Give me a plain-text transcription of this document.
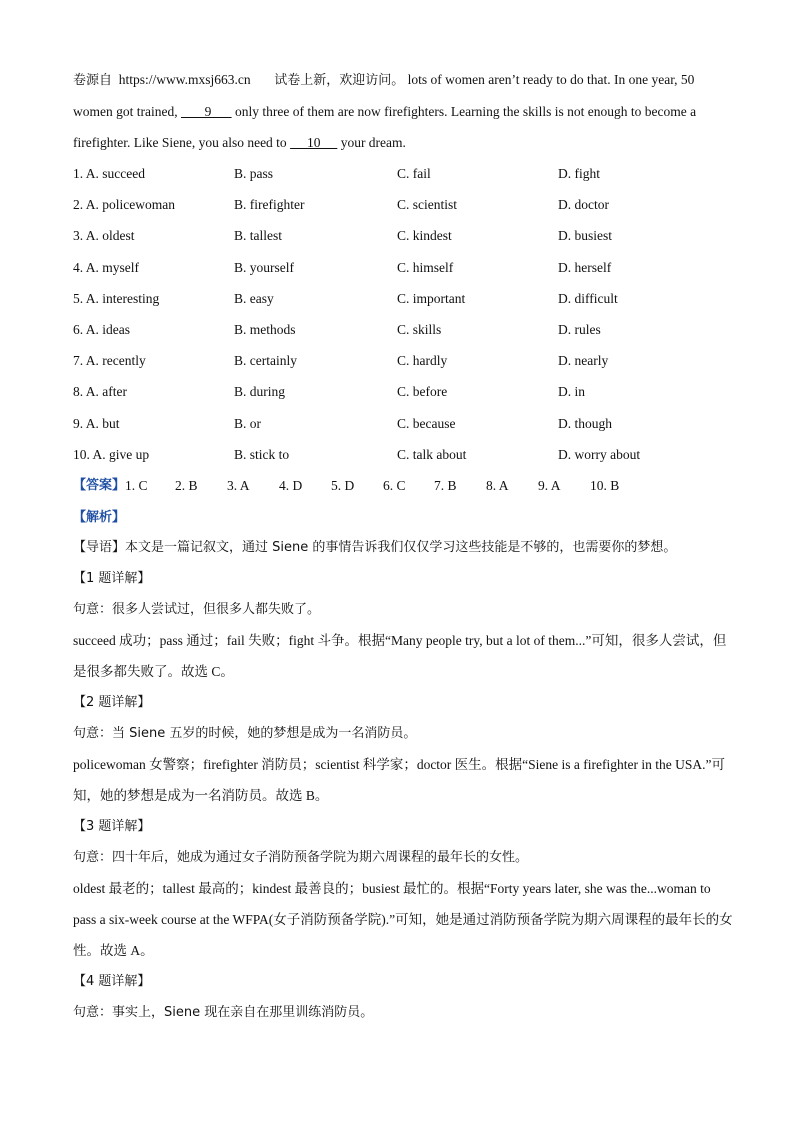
卷源自 https://www.mxsj663.cn 试卷上新，欢迎访问。 lots of women aren’t ready to do that. In one year, 50
women got trained,        9       only three of them are now firefighters. Learning the skills is not enough to become a
firefighter. Like Siene, you also need to      10      your dream.

1. A. succeed	B. pass	C. fail	D. fight
2. A. policewoman	B. firefighter	C. scientist	D. doctor
3. A. oldest	B. tallest	C. kindest	D. busiest
4. A. myself	B. yourself	C. himself	D. herself
5. A. interesting	B. easy	C. important	D. difficult
6. A. ideas	B. methods	C. skills	D. rules
7. A. recently	B. certainly	C. hardly	D. nearly
8. A. after	B. during	C. before	D. in
9. A. but	B. or	C. because	D. though
10. A. give up	B. stick to	C. talk about	D. worry about
【答案】 1. C	2. B	3. A	4. D	5. D	6. C	7. B	8. A	9. A	10. B

【解析】

【导语】本文是一篇记叙文，通过 Siene 的事情告诉我们仅仅学习这些技能是不够的，也需要你的梦想。

【1 题详解】

句意：很多人尝试过，但很多人都失败了。

succeed 成功；pass 通过；fail 失败；fight 斗争。根据“Many people try, but a lot of them...”可知，很多人尝试，但是很多都失败了。故选 C。

【2 题详解】

句意：当 Siene 五岁的时候，她的梦想是成为一名消防员。

policewoman 女警察；firefighter 消防员；scientist 科学家；doctor 医生。根据“Siene is a firefighter in the USA.”可知，她的梦想是成为一名消防员。故选 B。

【3 题详解】

句意：四十年后，她成为通过女子消防预备学院为期六周课程的最年长的女性。

oldest 最老的；tallest 最高的；kindest 最善良的；busiest 最忙的。根据“Forty years later, she was the...woman to pass a six-week course at the WFPA(女子消防预备学院).”可知，她是通过消防预备学院为期六周课程的最年长的女性。故选 A。

【4 题详解】

句意：事实上，Siene 现在亲自在那里训练消防员。
